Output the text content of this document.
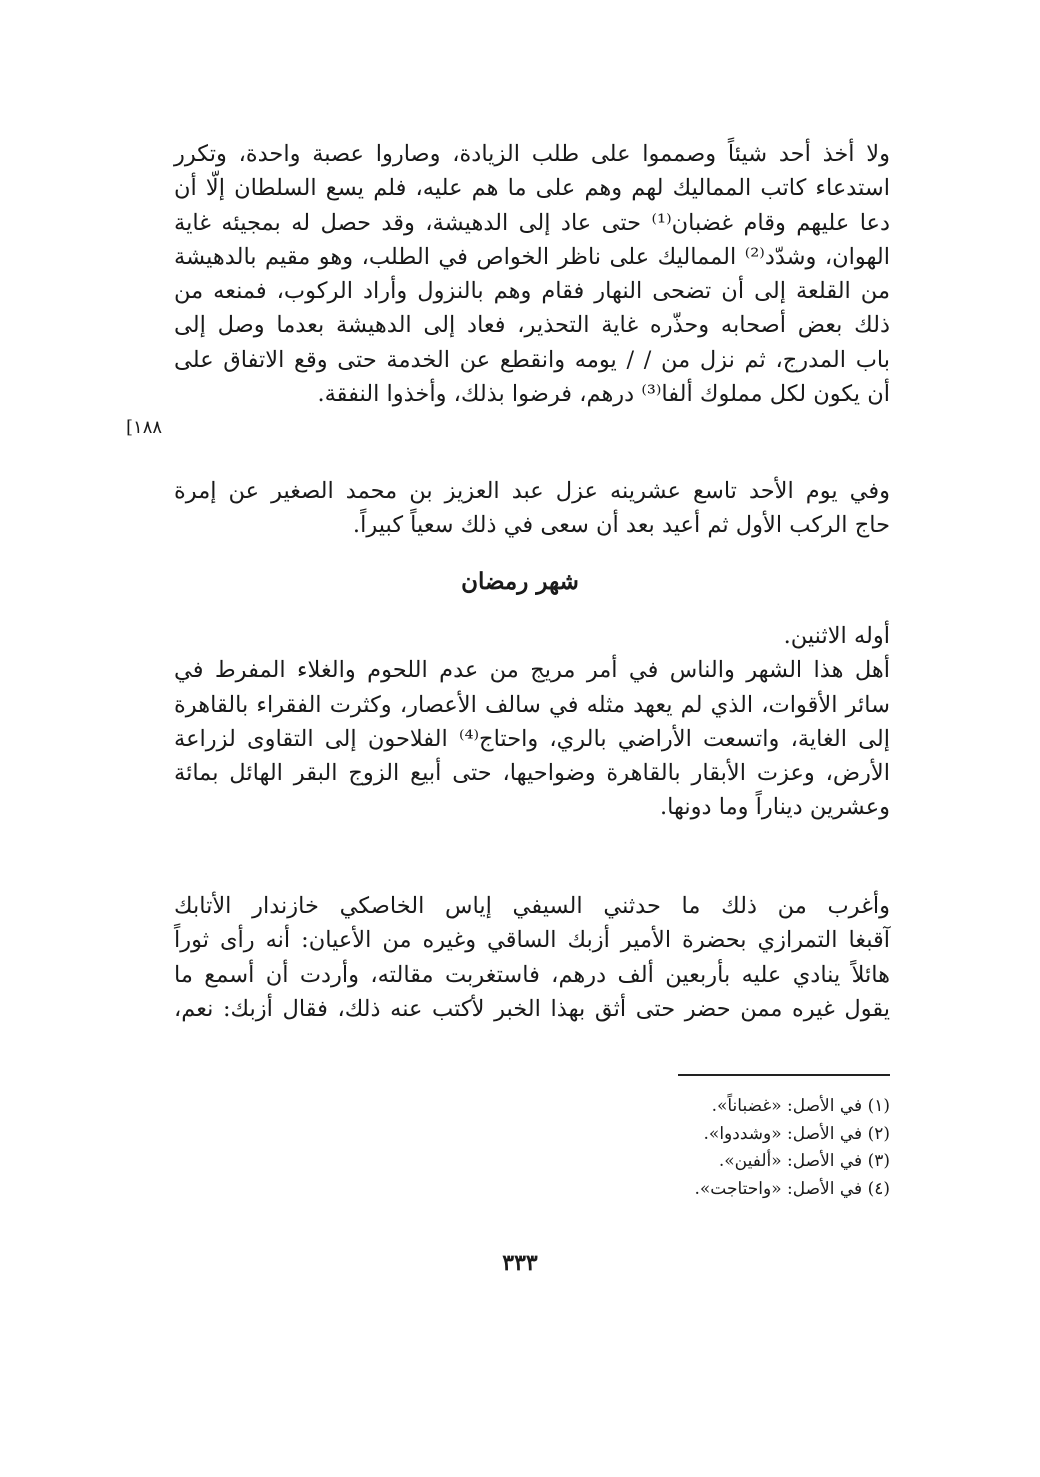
ولا أخذ أحد شيئاً وصمموا على طلب الزيادة، وصاروا عصبة واحدة، وتكرر
استدعاء كاتب المماليك لهم وهم على ما هم عليه، فلم يسع السلطان إلّا أن
دعا عليهم وقام غضبان⁽¹⁾ حتى عاد إلى الدهيشة، وقد حصل له بمجيئه غاية
الهوان، وشدّد⁽²⁾ المماليك على ناظر الخواص في الطلب، وهو مقيم بالدهيشة
من القلعة إلى أن تضحى النهار فقام وهم بالنزول وأراد الركوب، فمنعه من
ذلك بعض أصحابه وحذّره غاية التحذير، فعاد إلى الدهيشة بعدما وصل إلى
باب المدرج، ثم نزل من / / يومه وانقطع عن الخدمة حتى وقع الاتفاق على
أن يكون لكل مملوك ألفا⁽³⁾ درهم، فرضوا بذلك، وأخذوا النفقة.
[١٨٨
وفي يوم الأحد تاسع عشرينه عزل عبد العزيز بن محمد الصغير عن إمرة
حاج الركب الأول ثم أعيد بعد أن سعى في ذلك سعياً كبيراً.
شهر رمضان
أوله الاثنين.
أهل هذا الشهر والناس في أمر مريج من عدم اللحوم والغلاء المفرط في
سائر الأقوات، الذي لم يعهد مثله في سالف الأعصار، وكثرت الفقراء بالقاهرة
إلى الغاية، واتسعت الأراضي بالري، واحتاج⁽⁴⁾ الفلاحون إلى التقاوى لزراعة
الأرض، وعزت الأبقار بالقاهرة وضواحيها، حتى أبيع الزوج البقر الهائل بمائة
وعشرين ديناراً وما دونها.
وأغرب من ذلك ما حدثني السيفي إياس الخاصكي خازندار الأتابك
آقبغا التمرازي بحضرة الأمير أزبك الساقي وغيره من الأعيان: أنه رأى ثوراً
هائلاً ينادي عليه بأربعين ألف درهم، فاستغربت مقالته، وأردت أن أسمع ما
يقول غيره ممن حضر حتى أثق بهذا الخبر لأكتب عنه ذلك، فقال أزبك: نعم،
(١) في الأصل: «غضباناً».
(٢) في الأصل: «وشددوا».
(٣) في الأصل: «ألفين».
(٤) في الأصل: «واحتاجت».
٣٣٣
